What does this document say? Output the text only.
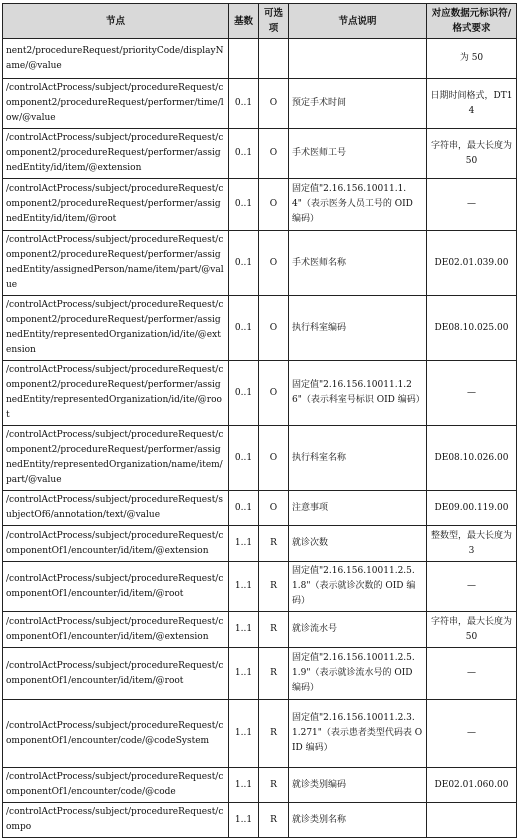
节点	基数	可选项	节点说明	对应数据元标识符/格式要求
nent2/procedureRequest/priorityCode/displayName/@value				为 50
/controlActProcess/subject/procedureRequest/component2/procedureRequest/performer/time/low/@value	0..1	O	预定手术时间	日期时间格式，DT14
/controlActProcess/subject/procedureRequest/component2/procedureRequest/performer/assignedEntity/id/item/@extension	0..1	O	手术医师工号	字符串，最大长度为 50
/controlActProcess/subject/procedureRequest/component2/procedureRequest/performer/assignedEntity/id/item/@root	0..1	O	固定值"2.16.156.10011.1.4"（表示医务人员工号的 OID 编码）	—
/controlActProcess/subject/procedureRequest/component2/procedureRequest/performer/assignedEntity/assignedPerson/name/item/part/@value	0..1	O	手术医师名称	DE02.01.039.00
/controlActProcess/subject/procedureRequest/component2/procedureRequest/performer/assignedEntity/representedOrganization/id/ite/@extension	0..1	O	执行科室编码	DE08.10.025.00
/controlActProcess/subject/procedureRequest/component2/procedureRequest/performer/assignedEntity/representedOrganization/id/ite/@root	0..1	O	固定值"2.16.156.10011.1.26"（表示科室号标识 OID 编码）	—
/controlActProcess/subject/procedureRequest/component2/procedureRequest/performer/assignedEntity/representedOrganization/name/item/part/@value	0..1	O	执行科室名称	DE08.10.026.00
/controlActProcess/subject/procedureRequest/subjectOf6/annotation/text/@value	0..1	O	注意事项	DE09.00.119.00
/controlActProcess/subject/procedureRequest/componentOf1/encounter/id/item/@extension	1..1	R	就诊次数	整数型，最大长度为 3
/controlActProcess/subject/procedureRequest/componentOf1/encounter/id/item/@root	1..1	R	固定值"2.16.156.10011.2.5.1.8"（表示就诊次数的 OID 编码）	—
/controlActProcess/subject/procedureRequest/componentOf1/encounter/id/item/@extension	1..1	R	就诊流水号	字符串，最大长度为 50
/controlActProcess/subject/procedureRequest/componentOf1/encounter/id/item/@root	1..1	R	固定值"2.16.156.10011.2.5.1.9"（表示就诊流水号的 OID 编码）	—
/controlActProcess/subject/procedureRequest/componentOf1/encounter/code/@codeSystem	1..1	R	固定值"2.16.156.10011.2.3.1.271"（表示患者类型代码表 OID 编码）	—
/controlActProcess/subject/procedureRequest/componentOf1/encounter/code/@code	1..1	R	就诊类别编码	DE02.01.060.00
/controlActProcess/subject/procedureRequest/compo	1..1	R	就诊类别名称	
